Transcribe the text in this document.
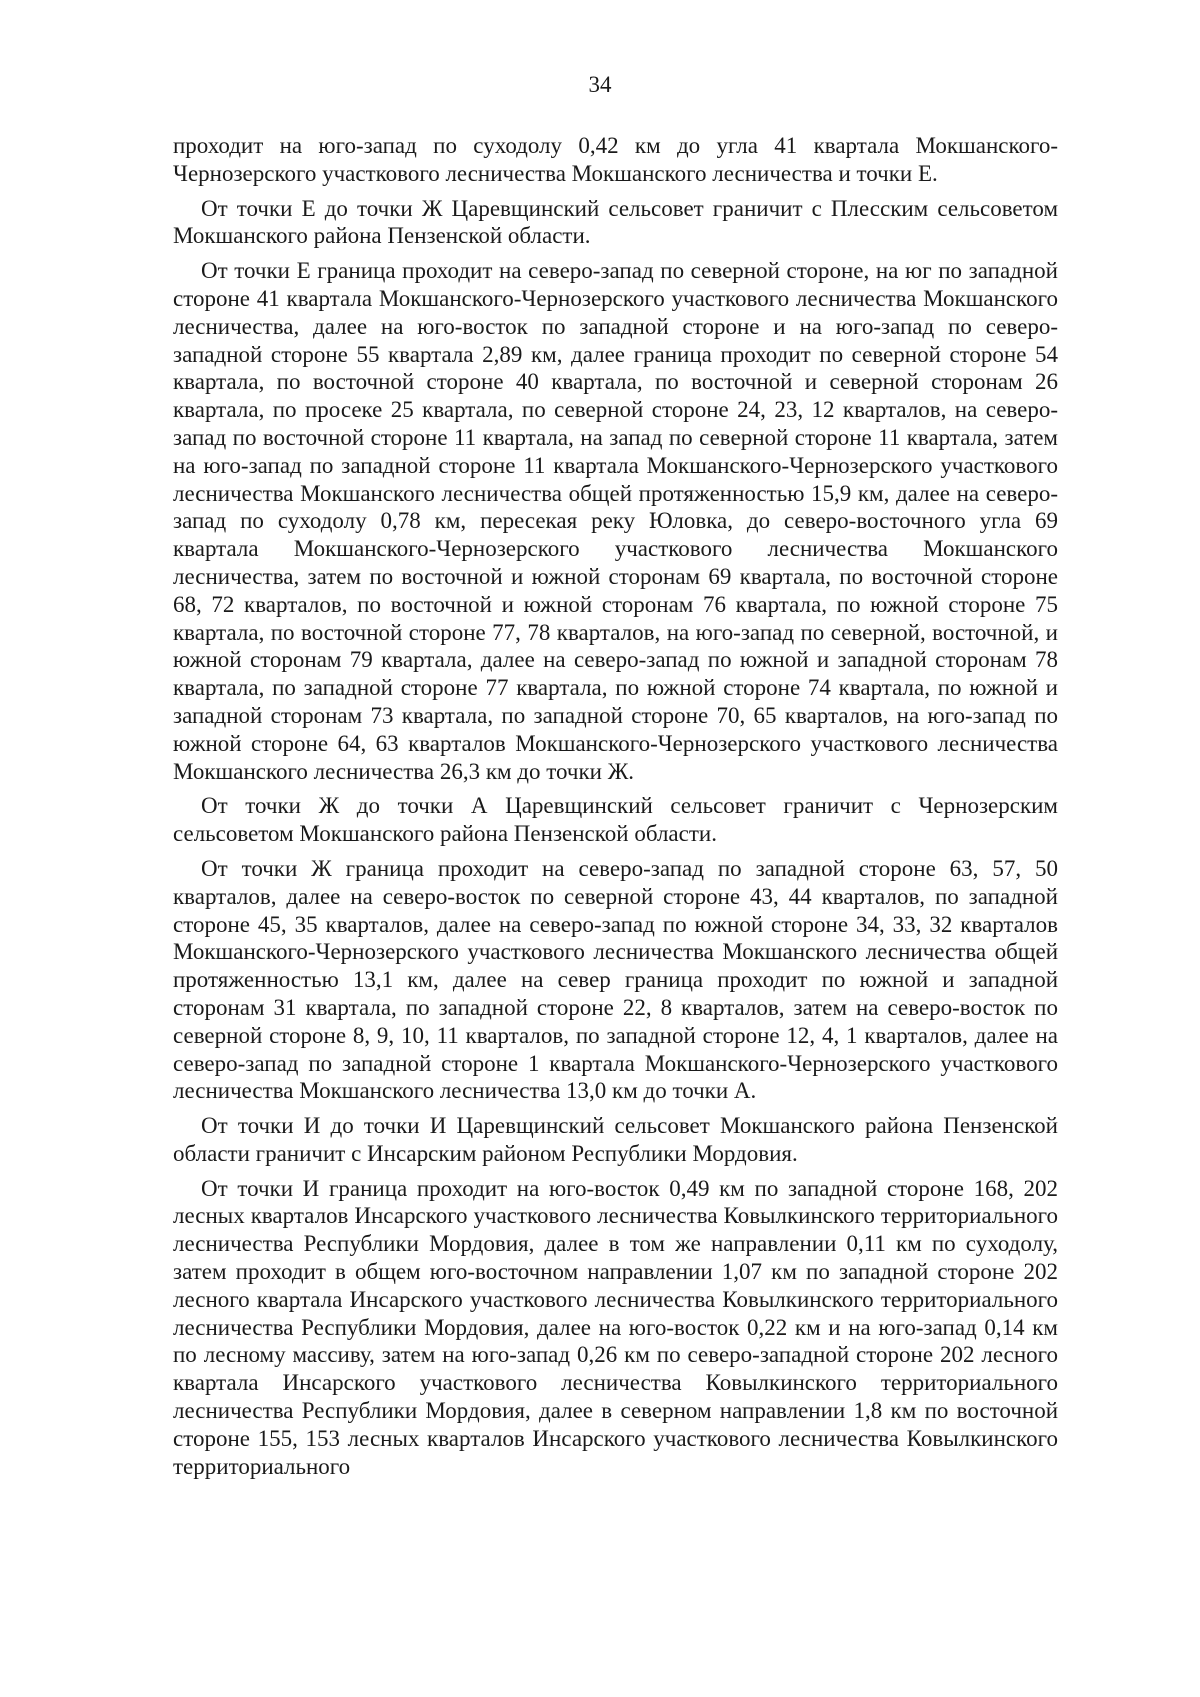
34

проходит на юго-запад по суходолу 0,42 км до угла 41 квартала Мокшанского-Чернозерского участкового лесничества Мокшанского лесничества и точки Е.

От точки Е до точки Ж Царевщинский сельсовет граничит с Плесским сельсоветом Мокшанского района Пензенской области.

От точки Е граница проходит на северо-запад по северной стороне, на юг по западной стороне 41 квартала Мокшанского-Чернозерского участкового лесничества Мокшанского лесничества, далее на юго-восток по западной стороне и на юго-запад по северо-западной стороне 55 квартала 2,89 км, далее граница проходит по северной стороне 54 квартала, по восточной стороне 40 квартала, по восточной и северной сторонам 26 квартала, по просеке 25 квартала, по северной стороне 24, 23, 12 кварталов, на северо-запад по восточной стороне 11 квартала, на запад по северной стороне 11 квартала, затем на юго-запад по западной стороне 11 квартала Мокшанского-Чернозерского участкового лесничества Мокшанского лесничества общей протяженностью 15,9 км, далее на северо-запад по суходолу 0,78 км, пересекая реку Юловка, до северо-восточного угла 69 квартала Мокшанского-Чернозерского участкового лесничества Мокшанского лесничества, затем по восточной и южной сторонам 69 квартала, по восточной стороне 68, 72 кварталов, по восточной и южной сторонам 76 квартала, по южной стороне 75 квартала, по восточной стороне 77, 78 кварталов, на юго-запад по северной, восточной, и южной сторонам 79 квартала, далее на северо-запад по южной и западной сторонам 78 квартала, по западной стороне 77 квартала, по южной стороне 74 квартала, по южной и западной сторонам 73 квартала, по западной стороне 70, 65 кварталов, на юго-запад по южной стороне 64, 63 кварталов Мокшанского-Чернозерского участкового лесничества Мокшанского лесничества 26,3 км до точки Ж.

От точки Ж до точки А Царевщинский сельсовет граничит с Чернозерским сельсоветом Мокшанского района Пензенской области.

От точки Ж граница проходит на северо-запад по западной стороне 63, 57, 50 кварталов, далее на северо-восток по северной стороне 43, 44 кварталов, по западной стороне 45, 35 кварталов, далее на северо-запад по южной стороне 34, 33, 32 кварталов Мокшанского-Чернозерского участкового лесничества Мокшанского лесничества общей протяженностью 13,1 км, далее на север граница проходит по южной и западной сторонам 31 квартала, по западной стороне 22, 8 кварталов, затем на северо-восток по северной стороне 8, 9, 10, 11 кварталов, по западной стороне 12, 4, 1 кварталов, далее на северо-запад по западной стороне 1 квартала Мокшанского-Чернозерского участкового лесничества Мокшанского лесничества 13,0 км до точки А.

От точки И до точки И Царевщинский сельсовет Мокшанского района Пензенской области граничит с Инсарским районом Республики Мордовия.

От точки И граница проходит на юго-восток 0,49 км по западной стороне 168, 202 лесных кварталов Инсарского участкового лесничества Ковылкинского территориального лесничества Республики Мордовия, далее в том же направлении 0,11 км по суходолу, затем проходит в общем юго-восточном направлении 1,07 км по западной стороне 202 лесного квартала Инсарского участкового лесничества Ковылкинского территориального лесничества Республики Мордовия, далее на юго-восток 0,22 км и на юго-запад 0,14 км по лесному массиву, затем на юго-запад 0,26 км по северо-западной стороне 202 лесного квартала Инсарского участкового лесничества Ковылкинского территориального лесничества Республики Мордовия, далее в северном направлении 1,8 км по восточной стороне 155, 153 лесных кварталов Инсарского участкового лесничества Ковылкинского территориального
